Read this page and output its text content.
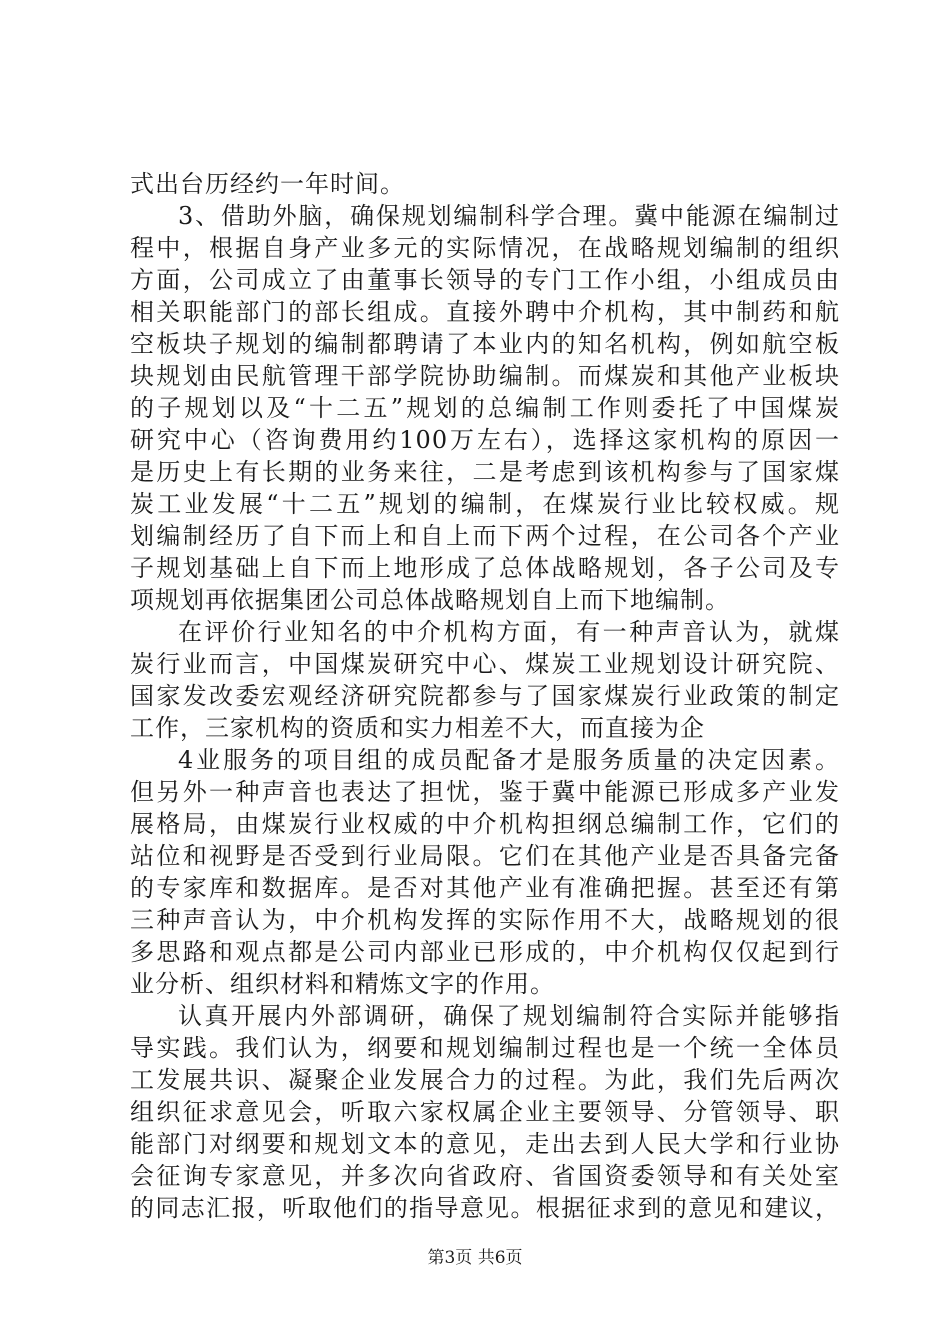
式出台历经约一年时间。
3、借助外脑，确保规划编制科学合理。冀中能源在编制过
程中，根据自身产业多元的实际情况，在战略规划编制的组织
方面，公司成立了由董事长领导的专门工作小组，小组成员由
相关职能部门的部长组成。直接外聘中介机构，其中制药和航
空板块子规划的编制都聘请了本业内的知名机构，例如航空板
块规划由民航管理干部学院协助编制。而煤炭和其他产业板块
的子规划以及“十二五”规划的总编制工作则委托了中国煤炭
研究中心（咨询费用约100万左右），选择这家机构的原因一
是历史上有长期的业务来往，二是考虑到该机构参与了国家煤
炭工业发展“十二五”规划的编制，在煤炭行业比较权威。规
划编制经历了自下而上和自上而下两个过程，在公司各个产业
子规划基础上自下而上地形成了总体战略规划，各子公司及专
项规划再依据集团公司总体战略规划自上而下地编制。
在评价行业知名的中介机构方面，有一种声音认为，就煤
炭行业而言，中国煤炭研究中心、煤炭工业规划设计研究院、
国家发改委宏观经济研究院都参与了国家煤炭行业政策的制定
工作，三家机构的资质和实力相差不大，而直接为企
4业服务的项目组的成员配备才是服务质量的决定因素。
但另外一种声音也表达了担忧，鉴于冀中能源已形成多产业发
展格局，由煤炭行业权威的中介机构担纲总编制工作，它们的
站位和视野是否受到行业局限。它们在其他产业是否具备完备
的专家库和数据库。是否对其他产业有准确把握。甚至还有第
三种声音认为，中介机构发挥的实际作用不大，战略规划的很
多思路和观点都是公司内部业已形成的，中介机构仅仅起到行
业分析、组织材料和精炼文字的作用。
认真开展内外部调研，确保了规划编制符合实际并能够指
导实践。我们认为，纲要和规划编制过程也是一个统一全体员
工发展共识、凝聚企业发展合力的过程。为此，我们先后两次
组织征求意见会，听取六家权属企业主要领导、分管领导、职
能部门对纲要和规划文本的意见，走出去到人民大学和行业协
会征询专家意见，并多次向省政府、省国资委领导和有关处室
的同志汇报，听取他们的指导意见。根据征求到的意见和建议，
第3页 共6页
